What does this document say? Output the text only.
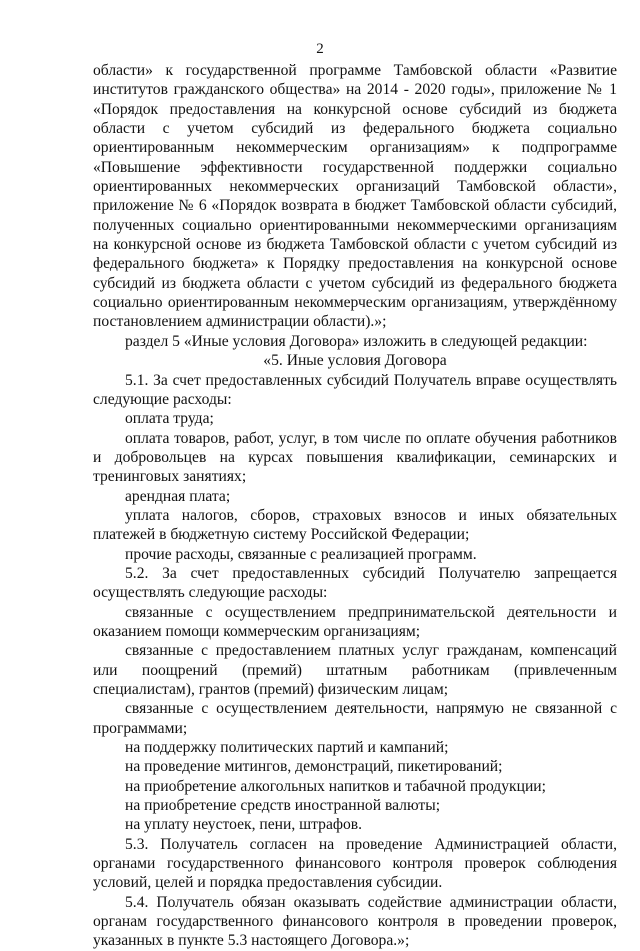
2

области» к государственной программе Тамбовской области «Развитие институтов гражданского общества» на 2014 - 2020 годы», приложение № 1 «Порядок предоставления на конкурсной основе субсидий из бюджета области с учетом субсидий из федерального бюджета социально ориентированным некоммерческим организациям» к подпрограмме «Повышение эффективности государственной поддержки социально ориентированных некоммерческих организаций Тамбовской области», приложение № 6 «Порядок возврата в бюджет Тамбовской области субсидий, полученных социально ориентированными некоммерческими организациям на конкурсной основе из бюджета Тамбовской области с учетом субсидий из федерального бюджета» к Порядку предоставления на конкурсной основе субсидий из бюджета области с учетом субсидий из федерального бюджета социально ориентированным некоммерческим организациям, утверждённому постановлением администрации области).»;

раздел 5 «Иные условия Договора» изложить в следующей редакции:

«5. Иные условия Договора

5.1. За счет предоставленных субсидий Получатель вправе осуществлять следующие расходы:

оплата труда;

оплата товаров, работ, услуг, в том числе по оплате обучения работников и добровольцев на курсах повышения квалификации, семинарских и тренинговых занятиях;

арендная плата;

уплата налогов, сборов, страховых взносов и иных обязательных платежей в бюджетную систему Российской Федерации;

прочие расходы, связанные с реализацией программ.

5.2. За счет предоставленных субсидий Получателю запрещается осуществлять следующие расходы:

связанные с осуществлением предпринимательской деятельности и оказанием помощи коммерческим организациям;

связанные с предоставлением платных услуг гражданам, компенсаций или поощрений (премий) штатным работникам (привлеченным специалистам), грантов (премий) физическим лицам;

связанные с осуществлением деятельности, напрямую не связанной с программами;

на поддержку политических партий и кампаний;

на проведение митингов, демонстраций, пикетирований;

на приобретение алкогольных напитков и табачной продукции;

на приобретение средств иностранной валюты;

на уплату неустоек, пени, штрафов.

5.3. Получатель согласен на проведение Администрацией области, органами государственного финансового контроля проверок соблюдения условий, целей и порядка предоставления субсидии.

5.4. Получатель обязан оказывать содействие администрации области, органам государственного финансового контроля в проведении проверок, указанных в пункте 5.3 настоящего Договора.»;
